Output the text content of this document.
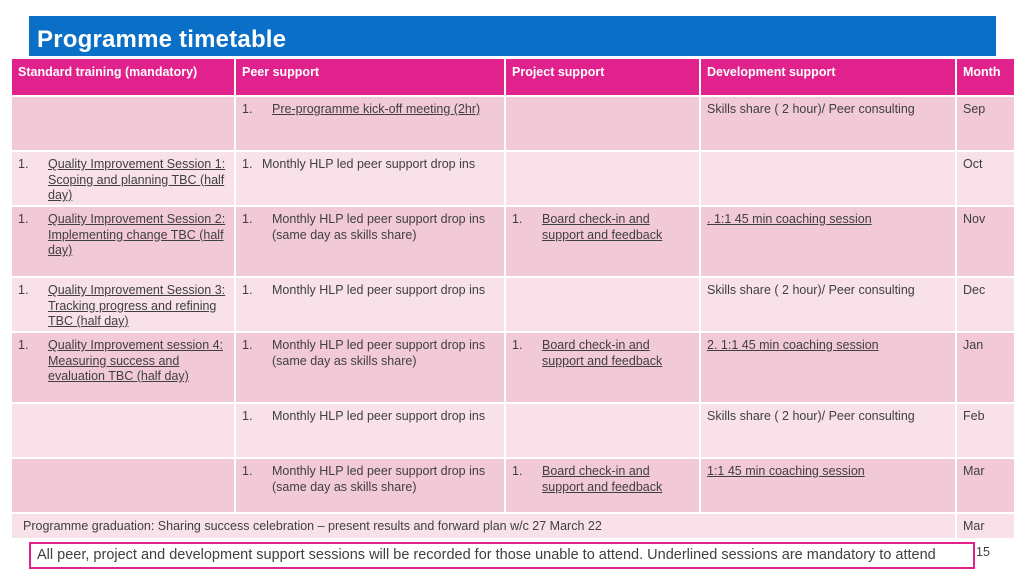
Programme timetable
Standard training (mandatory)	Peer support	Project support	Development support	Month

	1. Pre-programme kick-off meeting (2hr)		Skills share ( 2 hour)/ Peer consulting	Sep

1. Quality Improvement Session 1: Scoping and planning TBC (half day)	1. Monthly HLP led peer support drop ins			Oct

1. Quality Improvement Session 2: Implementing change TBC (half day)	1. Monthly HLP led peer support drop ins (same day as skills share)	1. Board check-in and support and feedback	. 1:1 45 min coaching session	Nov

1. Quality Improvement Session 3: Tracking progress and refining TBC (half day)	1. Monthly HLP led peer support drop ins		Skills share ( 2 hour)/ Peer consulting	Dec

1. Quality Improvement session 4: Measuring success and evaluation TBC (half day)	1. Monthly HLP led peer support drop ins (same day as skills share)	1. Board check-in and support and feedback	2. 1:1 45 min coaching session	Jan

	1. Monthly HLP led peer support drop ins		Skills share ( 2 hour)/ Peer consulting	Feb

	1. Monthly HLP led peer support drop ins (same day as skills share)	1. Board check-in and support and feedback	1:1 45 min coaching session	Mar
Programme graduation: Sharing success celebration – present results and forward plan w/c 27 March 22				Mar
All peer, project and development support sessions will be recorded for those unable to attend. Underlined sessions are mandatory to attend	15
